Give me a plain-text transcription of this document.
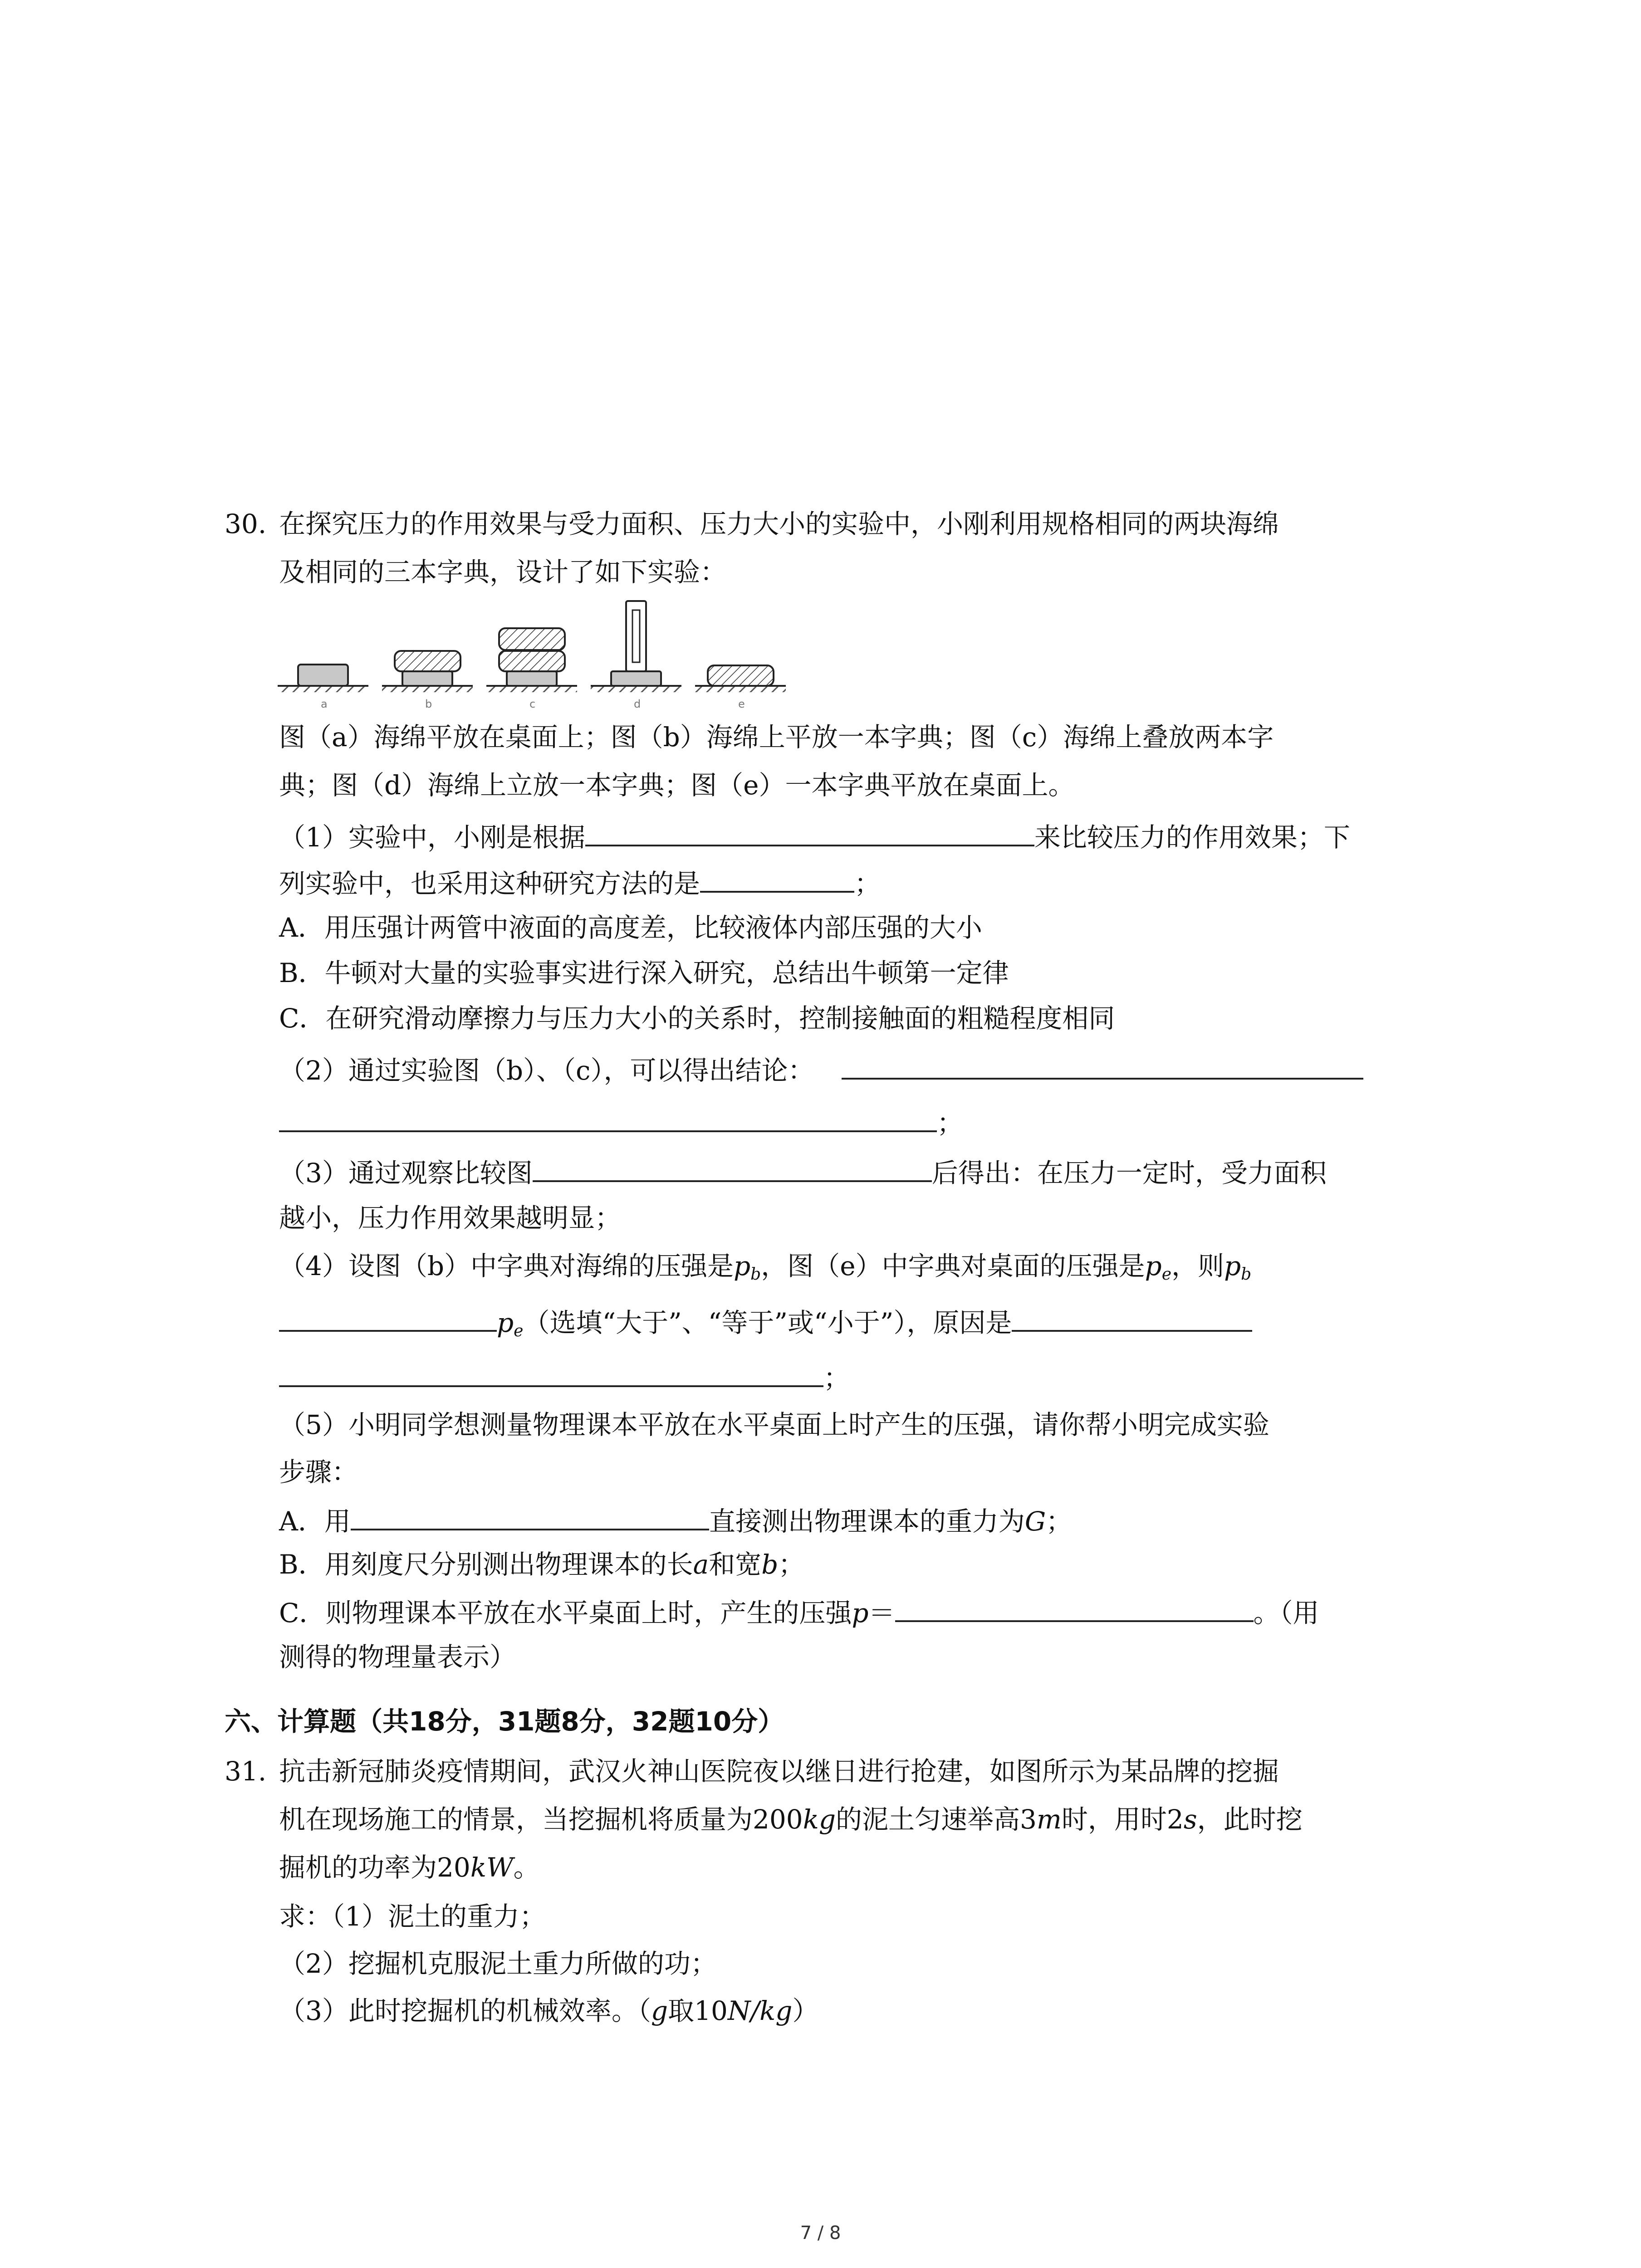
30. 在探究压力的作用效果与受力面积、压力大小的实验中，小刚利用规格相同的两块海绵
及相同的三本字典，设计了如下实验：
a	b	c	d	e
图（a）海绵平放在桌面上；图（b）海绵上平放一本字典；图（c）海绵上叠放两本字
典；图（d）海绵上立放一本字典；图（e）一本字典平放在桌面上。
（1）实验中，小刚是根据	来比较压力的作用效果；下
列实验中，也采用这种研究方法的是	；
A．用压强计两管中液面的高度差，比较液体内部压强的大小
B．牛顿对大量的实验事实进行深入研究，总结出牛顿第一定律
C．在研究滑动摩擦力与压力大小的关系时，控制接触面的粗糙程度相同
（2）通过实验图（b）、（c），可以得出结论：
；
（3）通过观察比较图	后得出：在压力一定时，受力面积
越小，压力作用效果越明显；
（4）设图（b）中字典对海绵的压强是$p_b$，图（e）中字典对桌面的压强是$p_e$，则$p_b$
$p_e$（选填“大于”、“等于”或“小于”），原因是
；
（5）小明同学想测量物理课本平放在水平桌面上时产生的压强，请你帮小明完成实验
步骤：
A．用	直接测出物理课本的重力为G；
B．用刻度尺分别测出物理课本的长a和宽b；
C．则物理课本平放在水平桌面上时，产生的压强p＝	。（用
测得的物理量表示）
六、计算题（共18分，31题8分，32题10分）
31. 抗击新冠肺炎疫情期间，武汉火神山医院夜以继日进行抢建，如图所示为某品牌的挖掘
机在现场施工的情景，当挖掘机将质量为200kg的泥土匀速举高3m时，用时2s，此时挖
掘机的功率为20kW。
求：（1）泥土的重力；
（2）挖掘机克服泥土重力所做的功；
（3）此时挖掘机的机械效率。（g取10N/kg）
7 / 8
